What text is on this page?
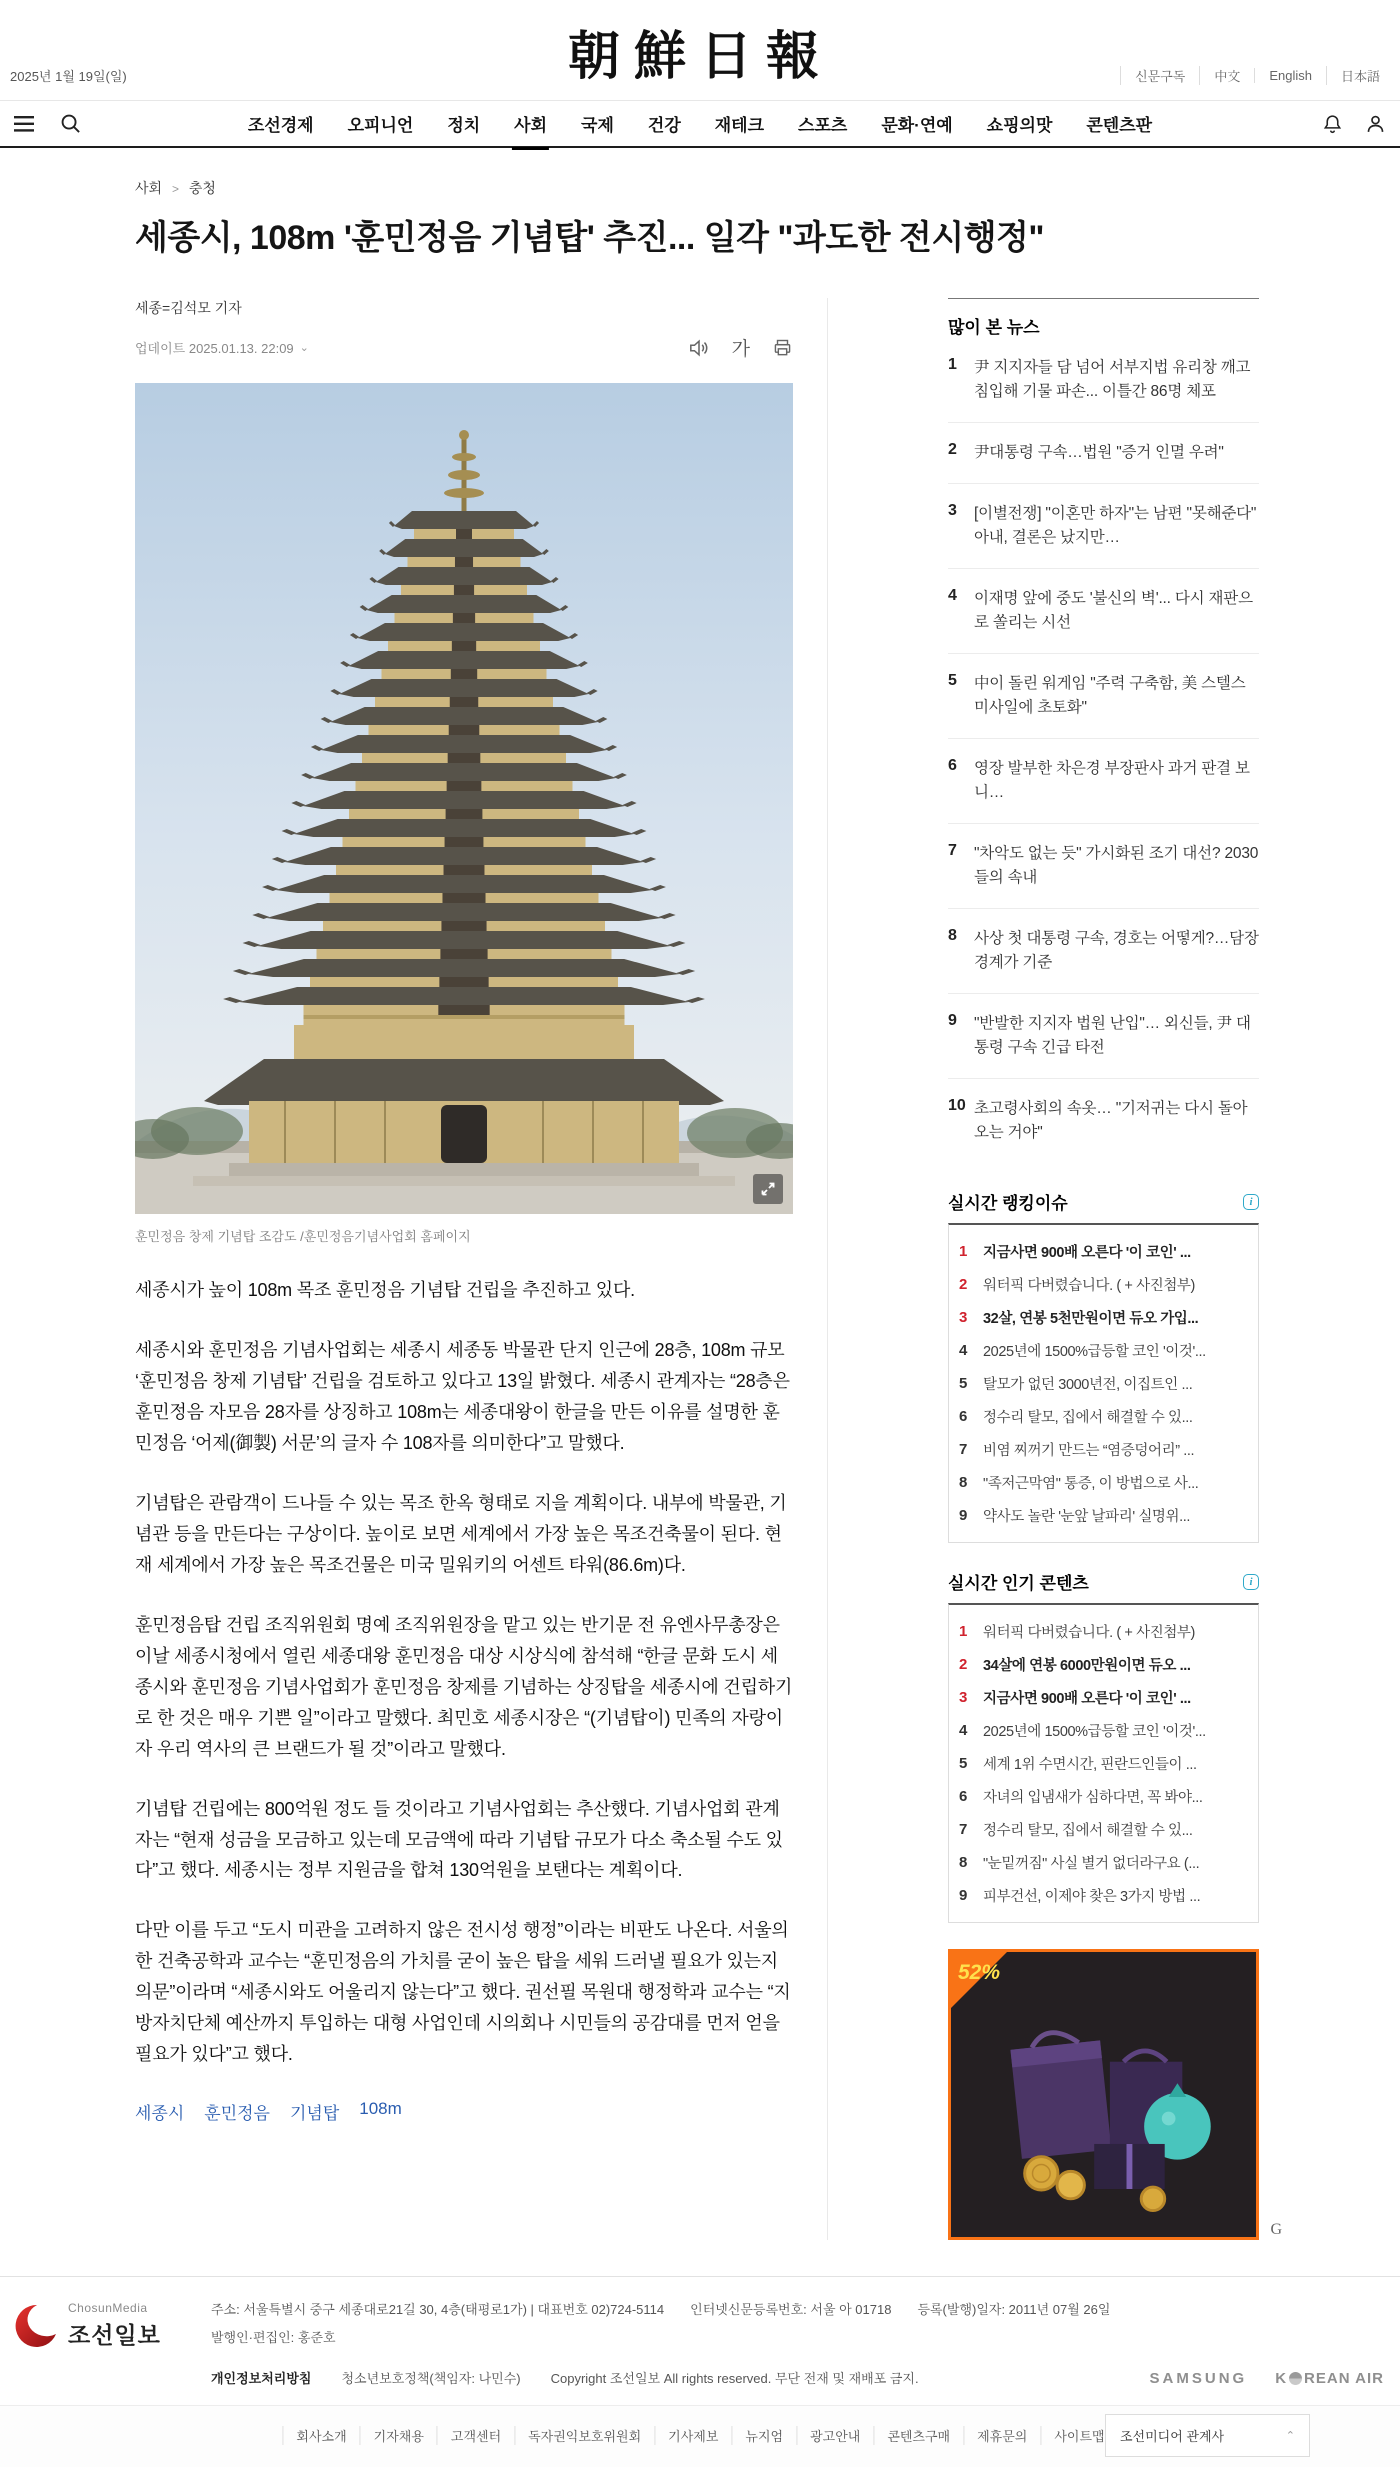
2025년 1월 19일(일)	朝鮮日報	신문구독	中文	English	日本語
조선경제 오피니언 정치 사회 국제 건강 재테크 스포츠 문화·연예 쇼핑의맛 콘텐츠판
사회 > 충청
세종시, 108m '훈민정음 기념탑' 추진... 일각 "과도한 전시행정"
세종=김석모 기자
업데이트 2025.01.13. 22:09 ⌄	가
훈민정음 창제 기념탑 조감도 /훈민정음기념사업회 홈페이지

세종시가 높이 108m 목조 훈민정음 기념탑 건립을 추진하고 있다.

세종시와 훈민정음 기념사업회는 세종시 세종동 박물관 단지 인근에 28층, 108m 규모 ‘훈민정음 창제 기념탑’ 건립을 검토하고 있다고 13일 밝혔다. 세종시 관계자는 “28층은 훈민정음 자모음 28자를 상징하고 108m는 세종대왕이 한글을 만든 이유를 설명한 훈민정음 ‘어제(御製) 서문’의 글자 수 108자를 의미한다”고 말했다.

기념탑은 관람객이 드나들 수 있는 목조 한옥 형태로 지을 계획이다. 내부에 박물관, 기념관 등을 만든다는 구상이다. 높이로 보면 세계에서 가장 높은 목조건축물이 된다. 현재 세계에서 가장 높은 목조건물은 미국 밀워키의 어센트 타워(86.6m)다.

훈민정음탑 건립 조직위원회 명예 조직위원장을 맡고 있는 반기문 전 유엔사무총장은 이날 세종시청에서 열린 세종대왕 훈민정음 대상 시상식에 참석해 “한글 문화 도시 세종시와 훈민정음 기념사업회가 훈민정음 창제를 기념하는 상징탑을 세종시에 건립하기로 한 것은 매우 기쁜 일”이라고 말했다. 최민호 세종시장은 “(기념탑이) 민족의 자랑이자 우리 역사의 큰 브랜드가 될 것”이라고 말했다.

기념탑 건립에는 800억원 정도 들 것이라고 기념사업회는 추산했다. 기념사업회 관계자는 “현재 성금을 모금하고 있는데 모금액에 따라 기념탑 규모가 다소 축소될 수도 있다”고 했다. 세종시는 정부 지원금을 합쳐 130억원을 보탠다는 계획이다.

다만 이를 두고 “도시 미관을 고려하지 않은 전시성 행정”이라는 비판도 나온다. 서울의 한 건축공학과 교수는 “훈민정음의 가치를 굳이 높은 탑을 세워 드러낼 필요가 있는지 의문”이라며 “세종시와도 어울리지 않는다”고 했다. 권선필 목원대 행정학과 교수는 “지방자치단체 예산까지 투입하는 대형 사업인데 시의회나 시민들의 공감대를 먼저 얻을 필요가 있다”고 했다.

세종시 훈민정음 기념탑 108m
많이 본 뉴스
1	尹 지지자들 담 넘어 서부지법 유리창 깨고 침입해 기물 파손... 이틀간 86명 체포
2	尹대통령 구속…법원 "증거 인멸 우려"
3	[이별전쟁] "이혼만 하자"는 남편 "못해준다" 아내, 결론은 났지만…
4	이재명 앞에 중도 '불신의 벽'... 다시 재판으로 쏠리는 시선
5	中이 돌린 워게임 "주력 구축함, 美 스텔스 미사일에 초토화"
6	영장 발부한 차은경 부장판사 과거 판결 보니…
7	"차악도 없는 듯" 가시화된 조기 대선? 2030들의 속내
8	사상 첫 대통령 구속, 경호는 어떻게?…담장 경계가 기준
9	"반발한 지지자 법원 난입"… 외신들, 尹 대통령 구속 긴급 타전
10 초고령사회의 속옷… "기저귀는 다시 돌아오는 거야"
실시간 랭킹이슈	i
1	지금사면 900배 오른다 '이 코인' ...
2	워터픽 다버렸습니다. ( + 사진첨부)
3	32살, 연봉 5천만원이면 듀오 가입...
4	2025년에 1500%급등할 코인 '이것'...
5	탈모가 없던 3000년전, 이집트인 ...
6	정수리 탈모, 집에서 해결할 수 있...
7	비염 찌꺼기 만드는 “염증덩어리” ...
8	"족저근막염" 통증, 이 방법으로 사...
9	약사도 놀란 '눈앞 날파리' 실명위...
실시간 인기 콘텐츠	i
1	워터픽 다버렸습니다. ( + 사진첨부)
2	34살에 연봉 6000만원이면 듀오 ...
3	지금사면 900배 오른다 '이 코인' ...
4	2025년에 1500%급등할 코인 '이것'...
5	세계 1위 수면시간, 핀란드인들이 ...
6	자녀의 입냄새가 심하다면, 꼭 봐야...
7	정수리 탈모, 집에서 해결할 수 있...
8	"눈밑꺼짐" 사실 별거 없더라구요 (...
9	피부건선, 이제야 찾은 3가지 방법 ...
52%
G
ChosunMedia
조선일보
주소: 서울특별시 중구 세종대로21길 30, 4층(태평로1가) | 대표번호 02)724-5114 인터넷신문등록번호: 서울 아 01718 등록(발행)일자: 2011년 07월 26일
발행인·편집인: 홍준호
개인정보처리방침 청소년보호정책(책임자: 나민수) Copyright 조선일보 All rights reserved. 무단 전재 및 재배포 금지.	SAMSUNG K REAN AIR
회사소개	기자채용	고객센터	독자권익보호위원회	기사제보	뉴지엄	광고안내	콘텐츠구매	제휴문의	사이트맵	조선미디어 관계사	⌃
